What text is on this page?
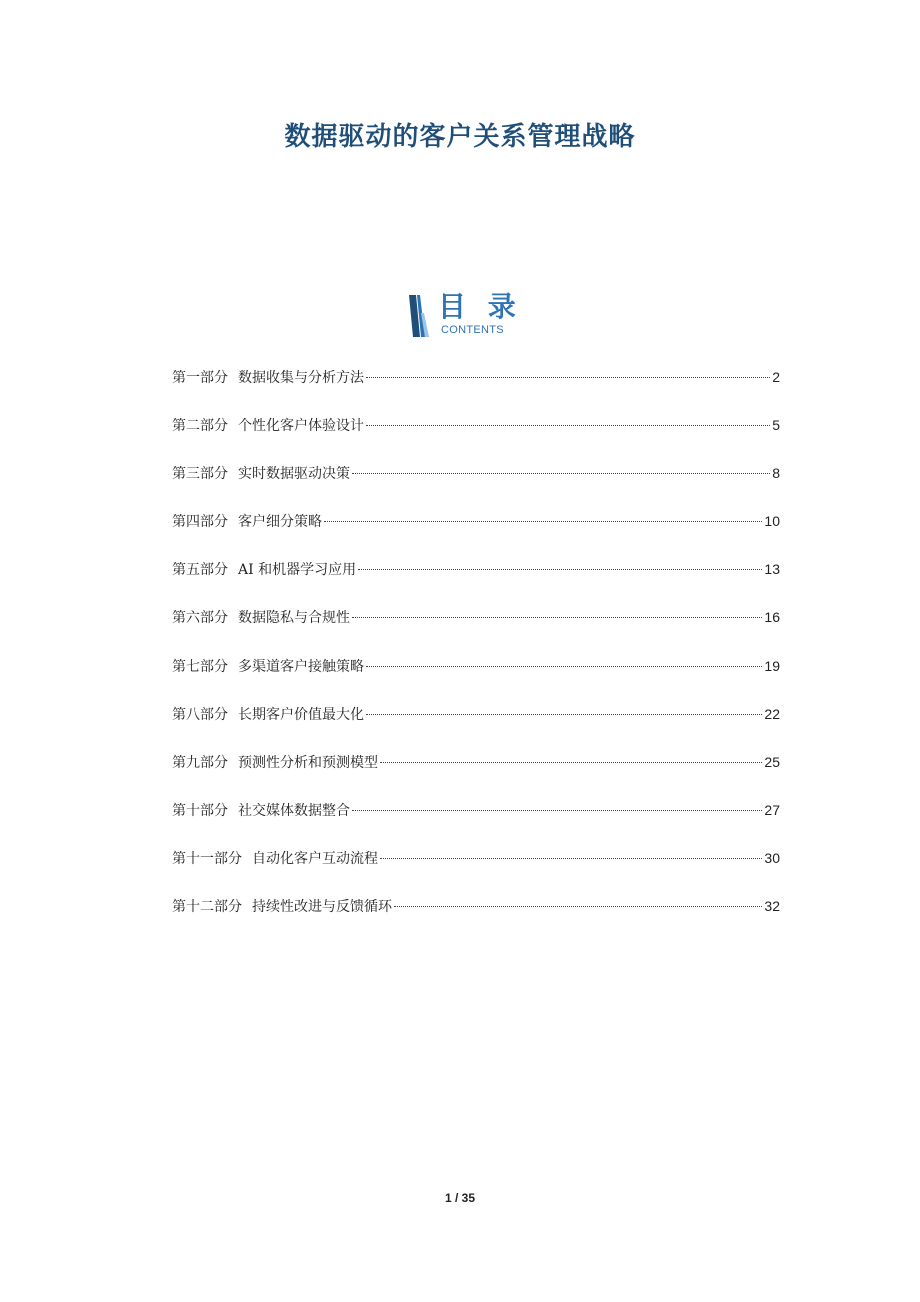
数据驱动的客户关系管理战略
目 录
CONTENTS
第一部分 数据收集与分析方法	2
第二部分 个性化客户体验设计	5
第三部分 实时数据驱动决策	8
第四部分 客户细分策略	10
第五部分 AI 和机器学习应用	13
第六部分 数据隐私与合规性	16
第七部分 多渠道客户接触策略	19
第八部分 长期客户价值最大化	22
第九部分 预测性分析和预测模型	25
第十部分 社交媒体数据整合	27
第十一部分 自动化客户互动流程	30
第十二部分 持续性改进与反馈循环	32
1 / 35
